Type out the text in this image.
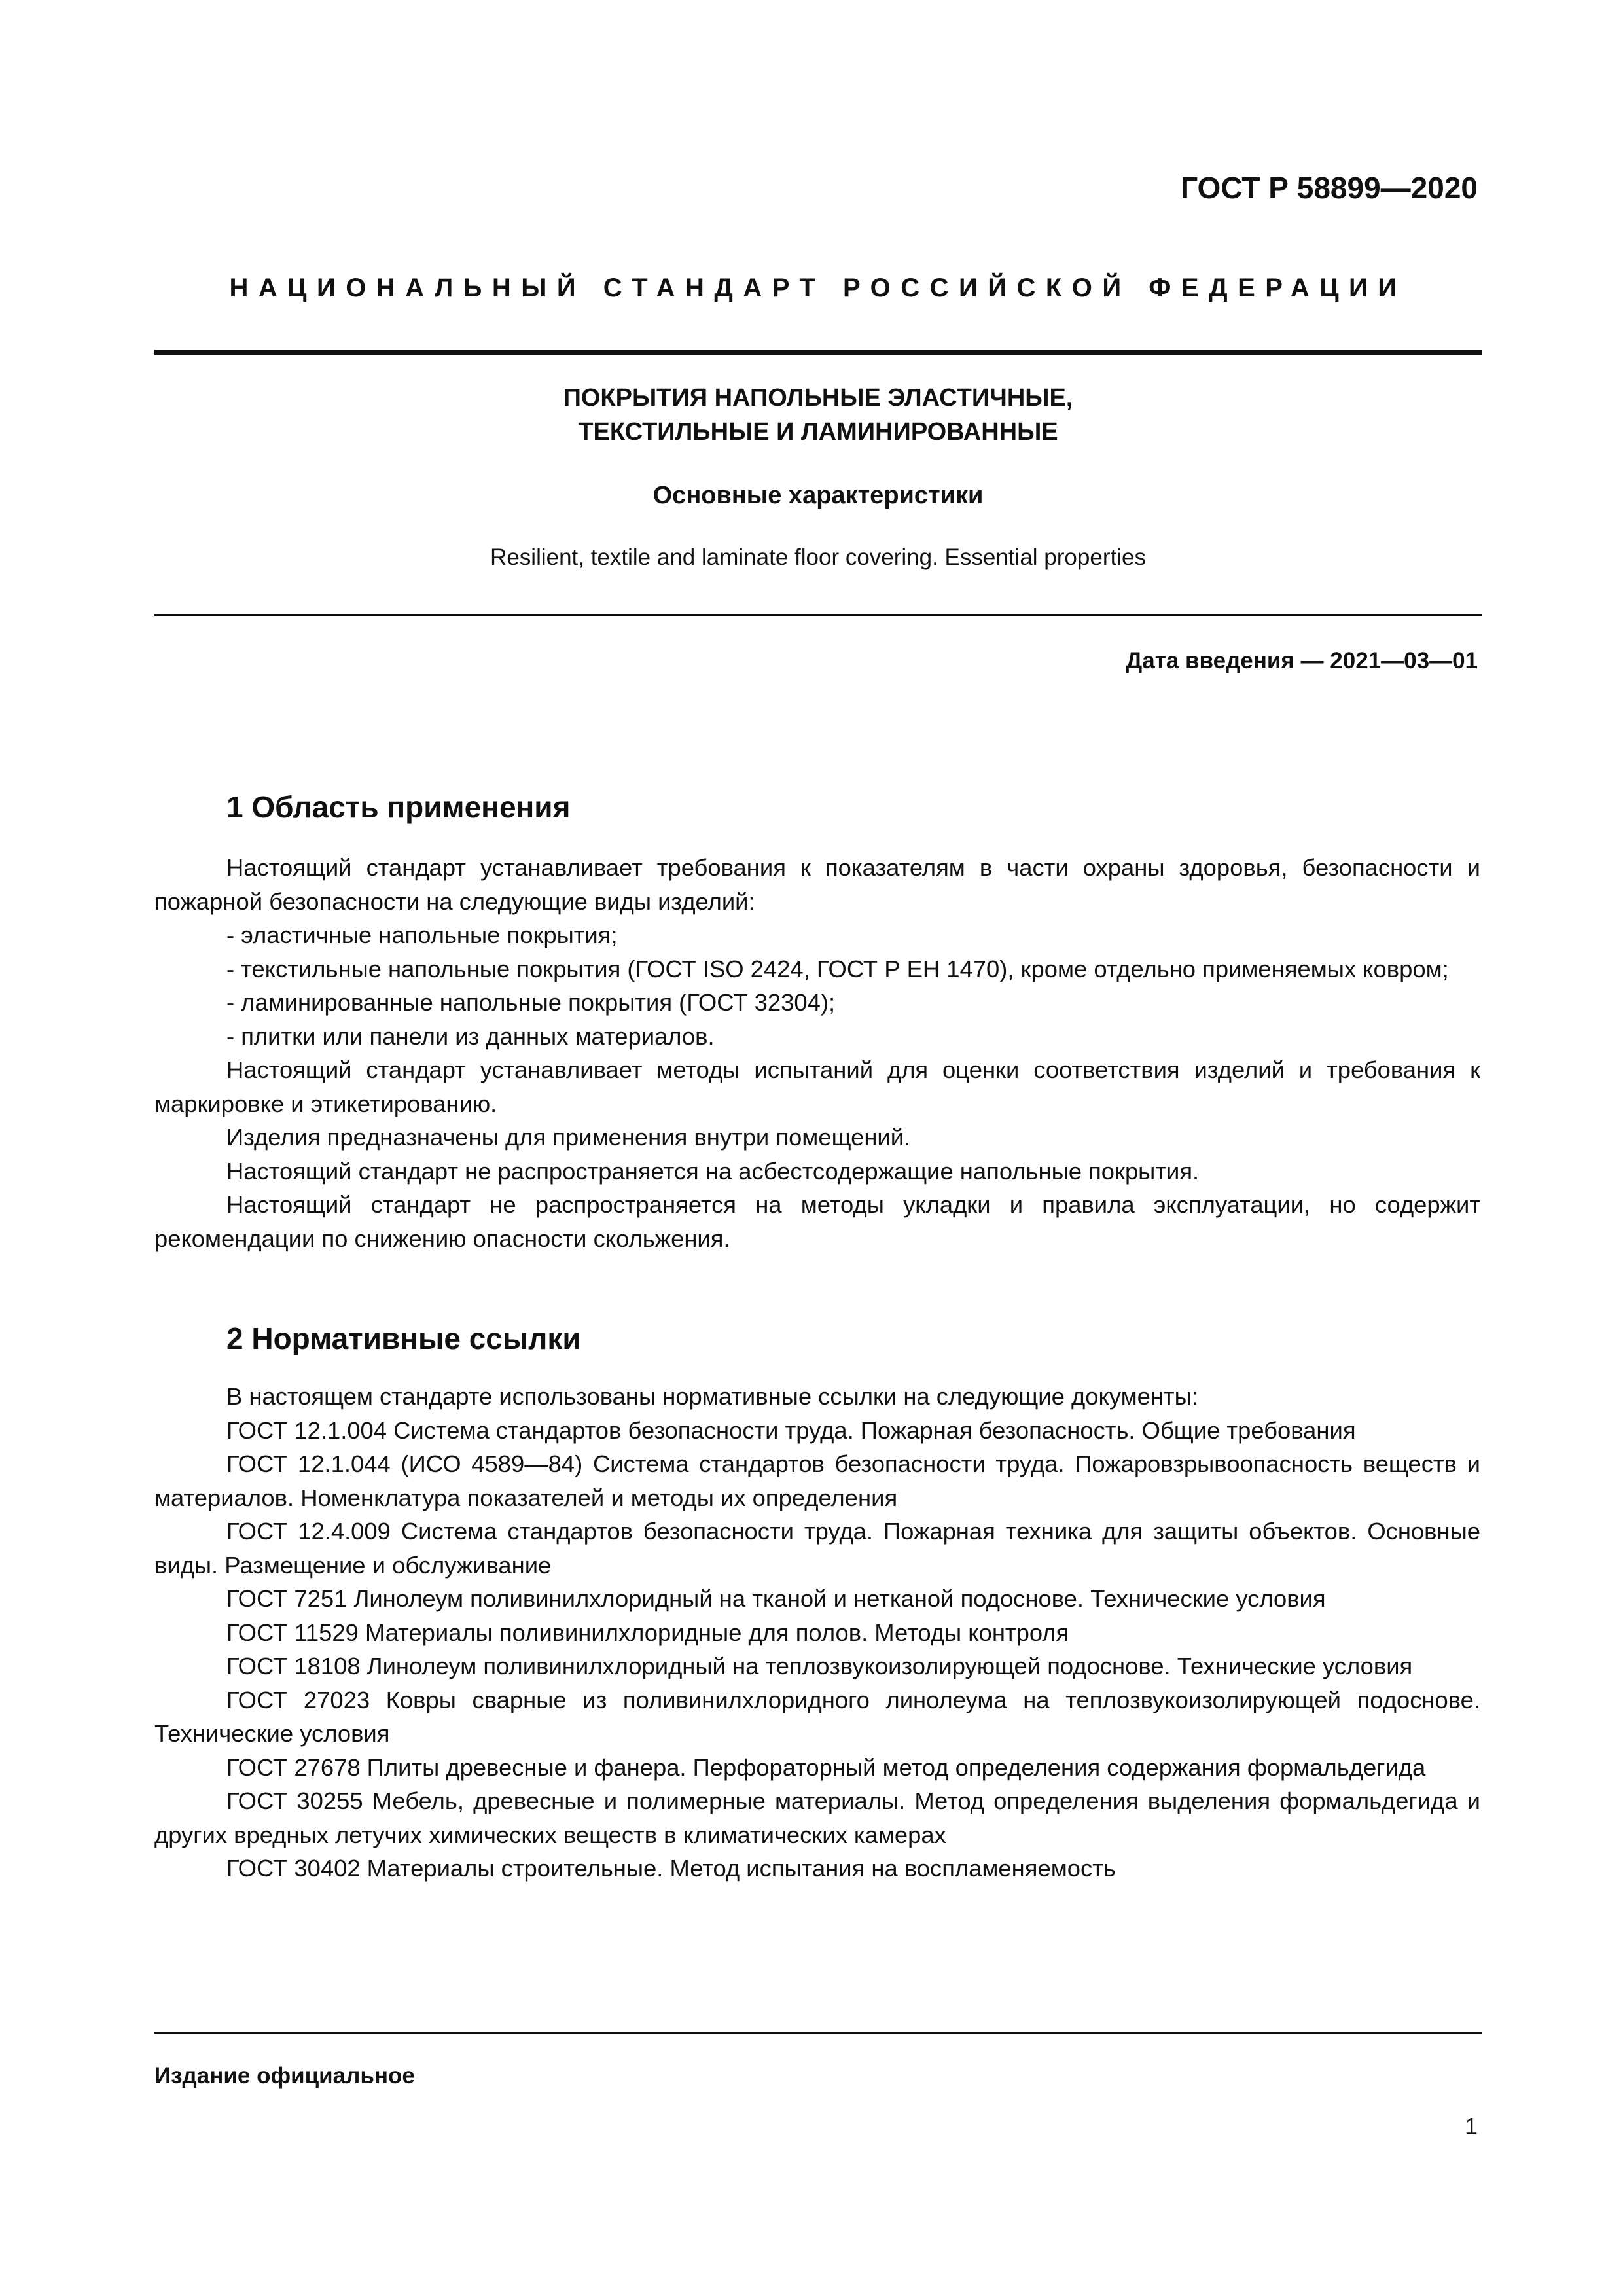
ГОСТ Р 58899—2020
НАЦИОНАЛЬНЫЙ СТАНДАРТ РОССИЙСКОЙ ФЕДЕРАЦИИ
ПОКРЫТИЯ НАПОЛЬНЫЕ ЭЛАСТИЧНЫЕ,
ТЕКСТИЛЬНЫЕ И ЛАМИНИРОВАННЫЕ
Основные характеристики
Resilient, textile and laminate floor covering. Essential properties
Дата введения — 2021—03—01
1 Область применения

Настоящий стандарт устанавливает требования к показателям в части охраны здоровья, безопасности и пожарной безопасности на следующие виды изделий:

- эластичные напольные покрытия;

- текстильные напольные покрытия (ГОСТ ISO 2424, ГОСТ Р ЕН 1470), кроме отдельно применяемых ковром;

- ламинированные напольные покрытия (ГОСТ 32304);

- плитки или панели из данных материалов.

Настоящий стандарт устанавливает методы испытаний для оценки соответствия изделий и требования к маркировке и этикетированию.

Изделия предназначены для применения внутри помещений.

Настоящий стандарт не распространяется на асбестсодержащие напольные покрытия.

Настоящий стандарт не распространяется на методы укладки и правила эксплуатации, но содержит рекомендации по снижению опасности скольжения.

2 Нормативные ссылки

В настоящем стандарте использованы нормативные ссылки на следующие документы:

ГОСТ 12.1.004 Система стандартов безопасности труда. Пожарная безопасность. Общие требования

ГОСТ 12.1.044 (ИСО 4589—84) Система стандартов безопасности труда. Пожаровзрывоопасность веществ и материалов. Номенклатура показателей и методы их определения

ГОСТ 12.4.009 Система стандартов безопасности труда. Пожарная техника для защиты объектов. Основные виды. Размещение и обслуживание

ГОСТ 7251 Линолеум поливинилхлоридный на тканой и нетканой подоснове. Технические условия

ГОСТ 11529 Материалы поливинилхлоридные для полов. Методы контроля

ГОСТ 18108 Линолеум поливинилхлоридный на теплозвукоизолирующей подоснове. Технические условия

ГОСТ 27023 Ковры сварные из поливинилхлоридного линолеума на теплозвукоизолирующей подоснове. Технические условия

ГОСТ 27678 Плиты древесные и фанера. Перфораторный метод определения содержания формальдегида

ГОСТ 30255 Мебель, древесные и полимерные материалы. Метод определения выделения формальдегида и других вредных летучих химических веществ в климатических камерах

ГОСТ 30402 Материалы строительные. Метод испытания на воспламеняемость

Издание официальное
1
